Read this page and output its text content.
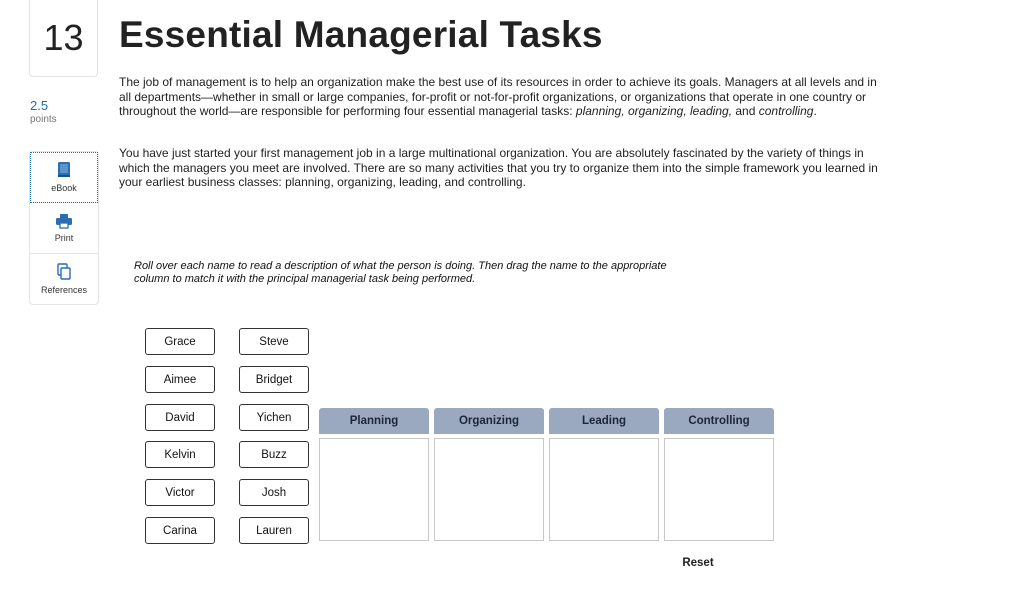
13
2.5
points
eBook
Print
References
Essential Managerial Tasks

The job of management is to help an organization make the best use of its resources in order to achieve its goals. Managers at all levels and in all departments—whether in small or large companies, for-profit or not-for-profit organizations, or organizations that operate in one country or throughout the world—are responsible for performing four essential managerial tasks: planning, organizing, leading, and controlling.

You have just started your first management job in a large multinational organization. You are absolutely fascinated by the variety of things in which the managers you meet are involved. There are so many activities that you try to organize them into the simple framework you learned in your earliest business classes: planning, organizing, leading, and controlling.

Roll over each name to read a description of what the person is doing. Then drag the name to the appropriate column to match it with the principal managerial task being performed.

Grace
Aimee
David
Kelvin
Victor
Carina
Steve
Bridget
Yichen
Buzz
Josh
Lauren
Planning	Organizing	Leading	Controlling
Reset
